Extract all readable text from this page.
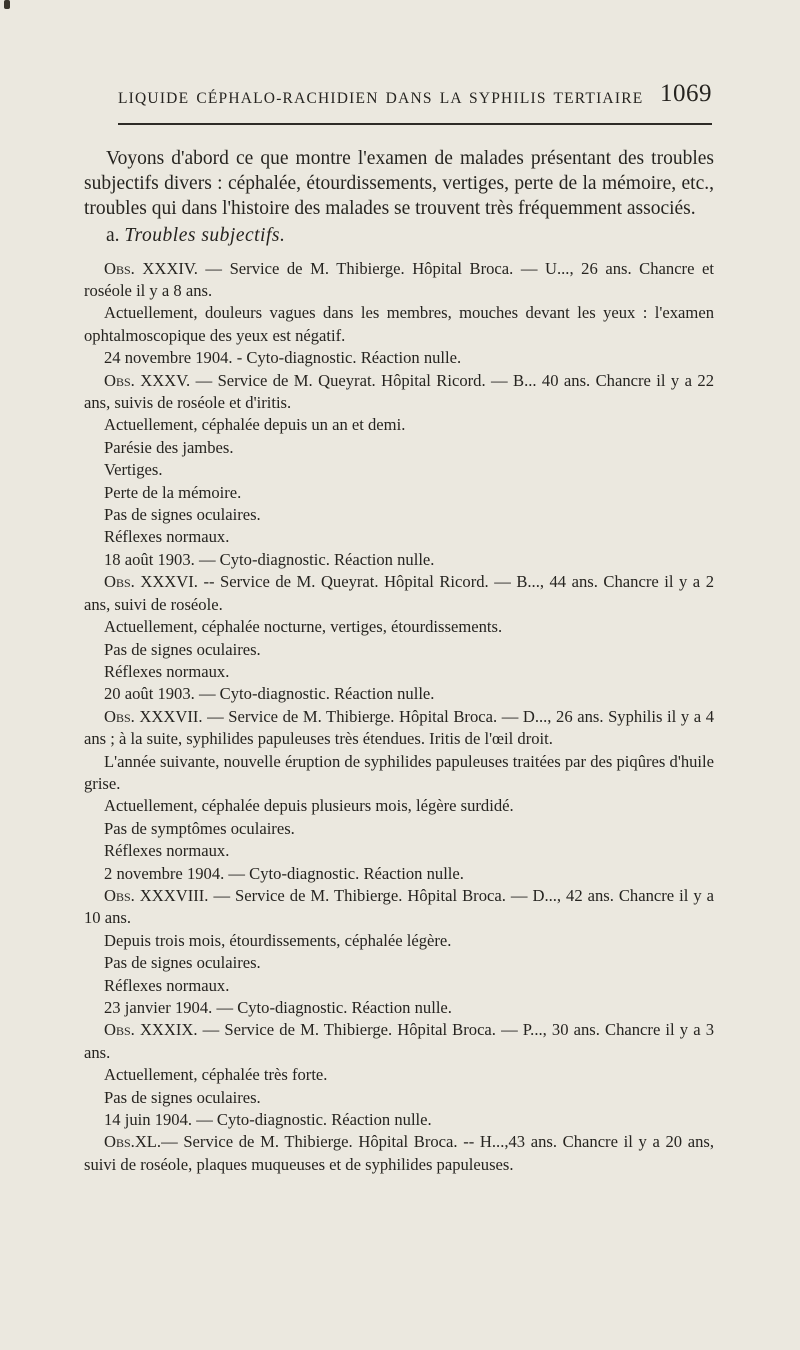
LIQUIDE CÉPHALO-RACHIDIEN DANS LA SYPHILIS TERTIAIRE 1069

Voyons d'abord ce que montre l'examen de malades présentant des troubles subjectifs divers : céphalée, étourdissements, vertiges, perte de la mémoire, etc., troubles qui dans l'histoire des malades se trouvent très fréquemment associés.

a. Troubles subjectifs.

Obs. XXXIV. — Service de M. Thibierge. Hôpital Broca. — U..., 26 ans. Chancre et roséole il y a 8 ans.

Actuellement, douleurs vagues dans les membres, mouches devant les yeux : l'examen ophtalmoscopique des yeux est négatif.

24 novembre 1904. - Cyto-diagnostic. Réaction nulle.

Obs. XXXV. — Service de M. Queyrat. Hôpital Ricord. — B... 40 ans. Chancre il y a 22 ans, suivis de roséole et d'iritis.

Actuellement, céphalée depuis un an et demi.

Parésie des jambes.

Vertiges.

Perte de la mémoire.

Pas de signes oculaires.

Réflexes normaux.

18 août 1903. — Cyto-diagnostic. Réaction nulle.

Obs. XXXVI. -- Service de M. Queyrat. Hôpital Ricord. — B..., 44 ans. Chancre il y a 2 ans, suivi de roséole.

Actuellement, céphalée nocturne, vertiges, étourdissements.

Pas de signes oculaires.

Réflexes normaux.

20 août 1903. — Cyto-diagnostic. Réaction nulle.

Obs. XXXVII. — Service de M. Thibierge. Hôpital Broca. — D..., 26 ans. Syphilis il y a 4 ans ; à la suite, syphilides papuleuses très étendues. Iritis de l'œil droit.

L'année suivante, nouvelle éruption de syphilides papuleuses traitées par des piqûres d'huile grise.

Actuellement, céphalée depuis plusieurs mois, légère surdidé.

Pas de symptômes oculaires.

Réflexes normaux.

2 novembre 1904. — Cyto-diagnostic. Réaction nulle.

Obs. XXXVIII. — Service de M. Thibierge. Hôpital Broca. — D..., 42 ans. Chancre il y a 10 ans.

Depuis trois mois, étourdissements, céphalée légère.

Pas de signes oculaires.

Réflexes normaux.

23 janvier 1904. — Cyto-diagnostic. Réaction nulle.

Obs. XXXIX. — Service de M. Thibierge. Hôpital Broca. — P..., 30 ans. Chancre il y a 3 ans.

Actuellement, céphalée très forte.

Pas de signes oculaires.

14 juin 1904. — Cyto-diagnostic. Réaction nulle.

Obs.XL.— Service de M. Thibierge. Hôpital Broca. -- H...,43 ans. Chancre il y a 20 ans, suivi de roséole, plaques muqueuses et de syphilides papuleuses.
